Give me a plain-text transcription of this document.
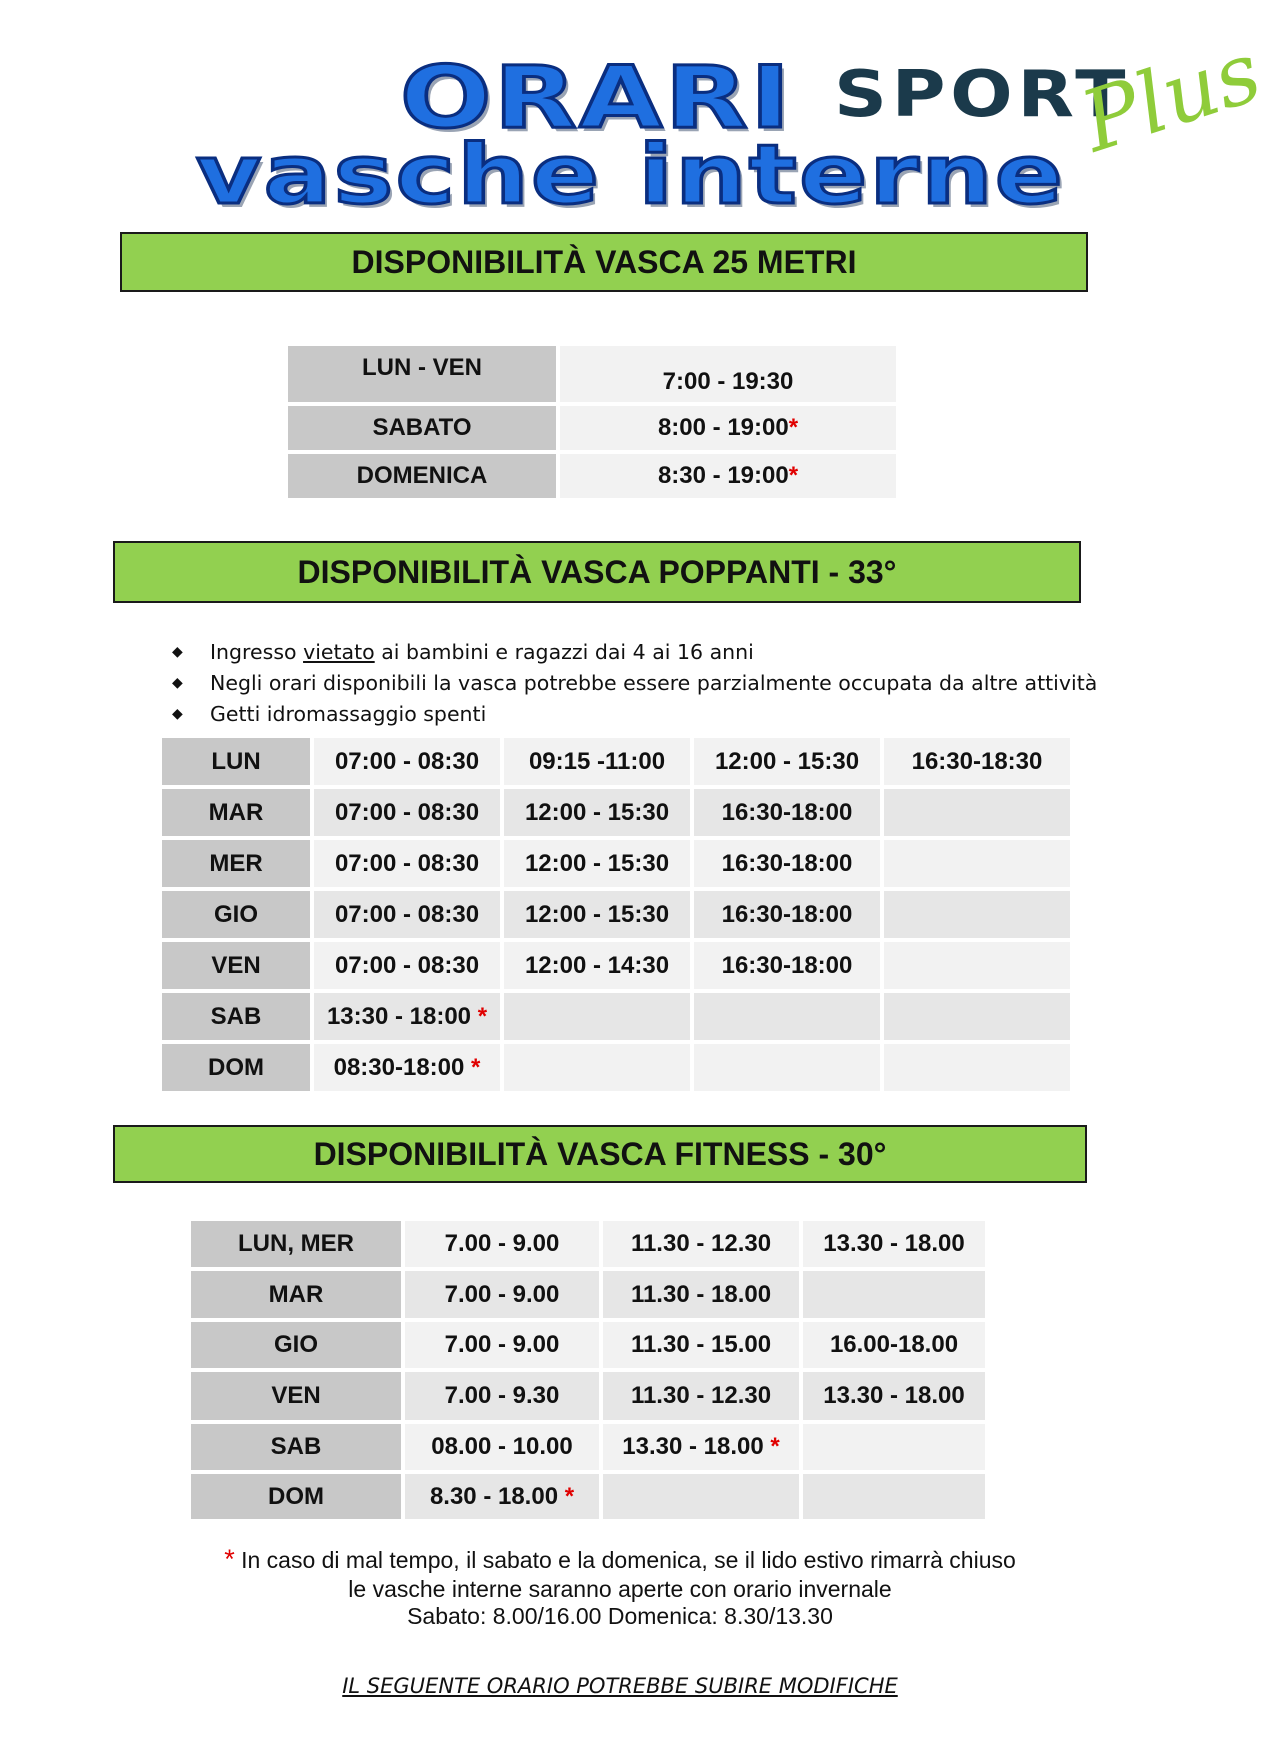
ORARI
vasche interne
SPORT
Plus
DISPONIBILITÀ VASCA 25 METRI
LUN - VEN	7:00 - 19:30
SABATO	8:00 - 19:00*
DOMENICA	8:30 - 19:00*
DISPONIBILITÀ VASCA POPPANTI - 33°
◆	Ingresso vietato ai bambini e ragazzi dai 4 ai 16 anni
◆	Negli orari disponibili la vasca potrebbe essere parzialmente occupata da altre attività
◆	Getti idromassaggio spenti
LUN	07:00 - 08:30	09:15 -11:00	12:00 - 15:30	16:30-18:30
MAR	07:00 - 08:30	12:00 - 15:30	16:30-18:00	
MER	07:00 - 08:30	12:00 - 15:30	16:30-18:00	
GIO	07:00 - 08:30	12:00 - 15:30	16:30-18:00	
VEN	07:00 - 08:30	12:00 - 14:30	16:30-18:00	
SAB	13:30 - 18:00 *			
DOM	08:30-18:00 *			
DISPONIBILITÀ VASCA FITNESS - 30°
LUN, MER	7.00 - 9.00	11.30 - 12.30	13.30 - 18.00
MAR	7.00 - 9.00	11.30 - 18.00	
GIO	7.00 - 9.00	11.30 - 15.00	16.00-18.00
VEN	7.00 - 9.30	11.30 - 12.30	13.30 - 18.00
SAB	08.00 - 10.00	13.30 - 18.00 *	
DOM	8.30 - 18.00 *		
* In caso di mal tempo, il sabato e la domenica, se il lido estivo rimarrà chiuso
le vasche interne saranno aperte con orario invernale
Sabato: 8.00/16.00 Domenica: 8.30/13.30
IL SEGUENTE ORARIO POTREBBE SUBIRE MODIFICHE
